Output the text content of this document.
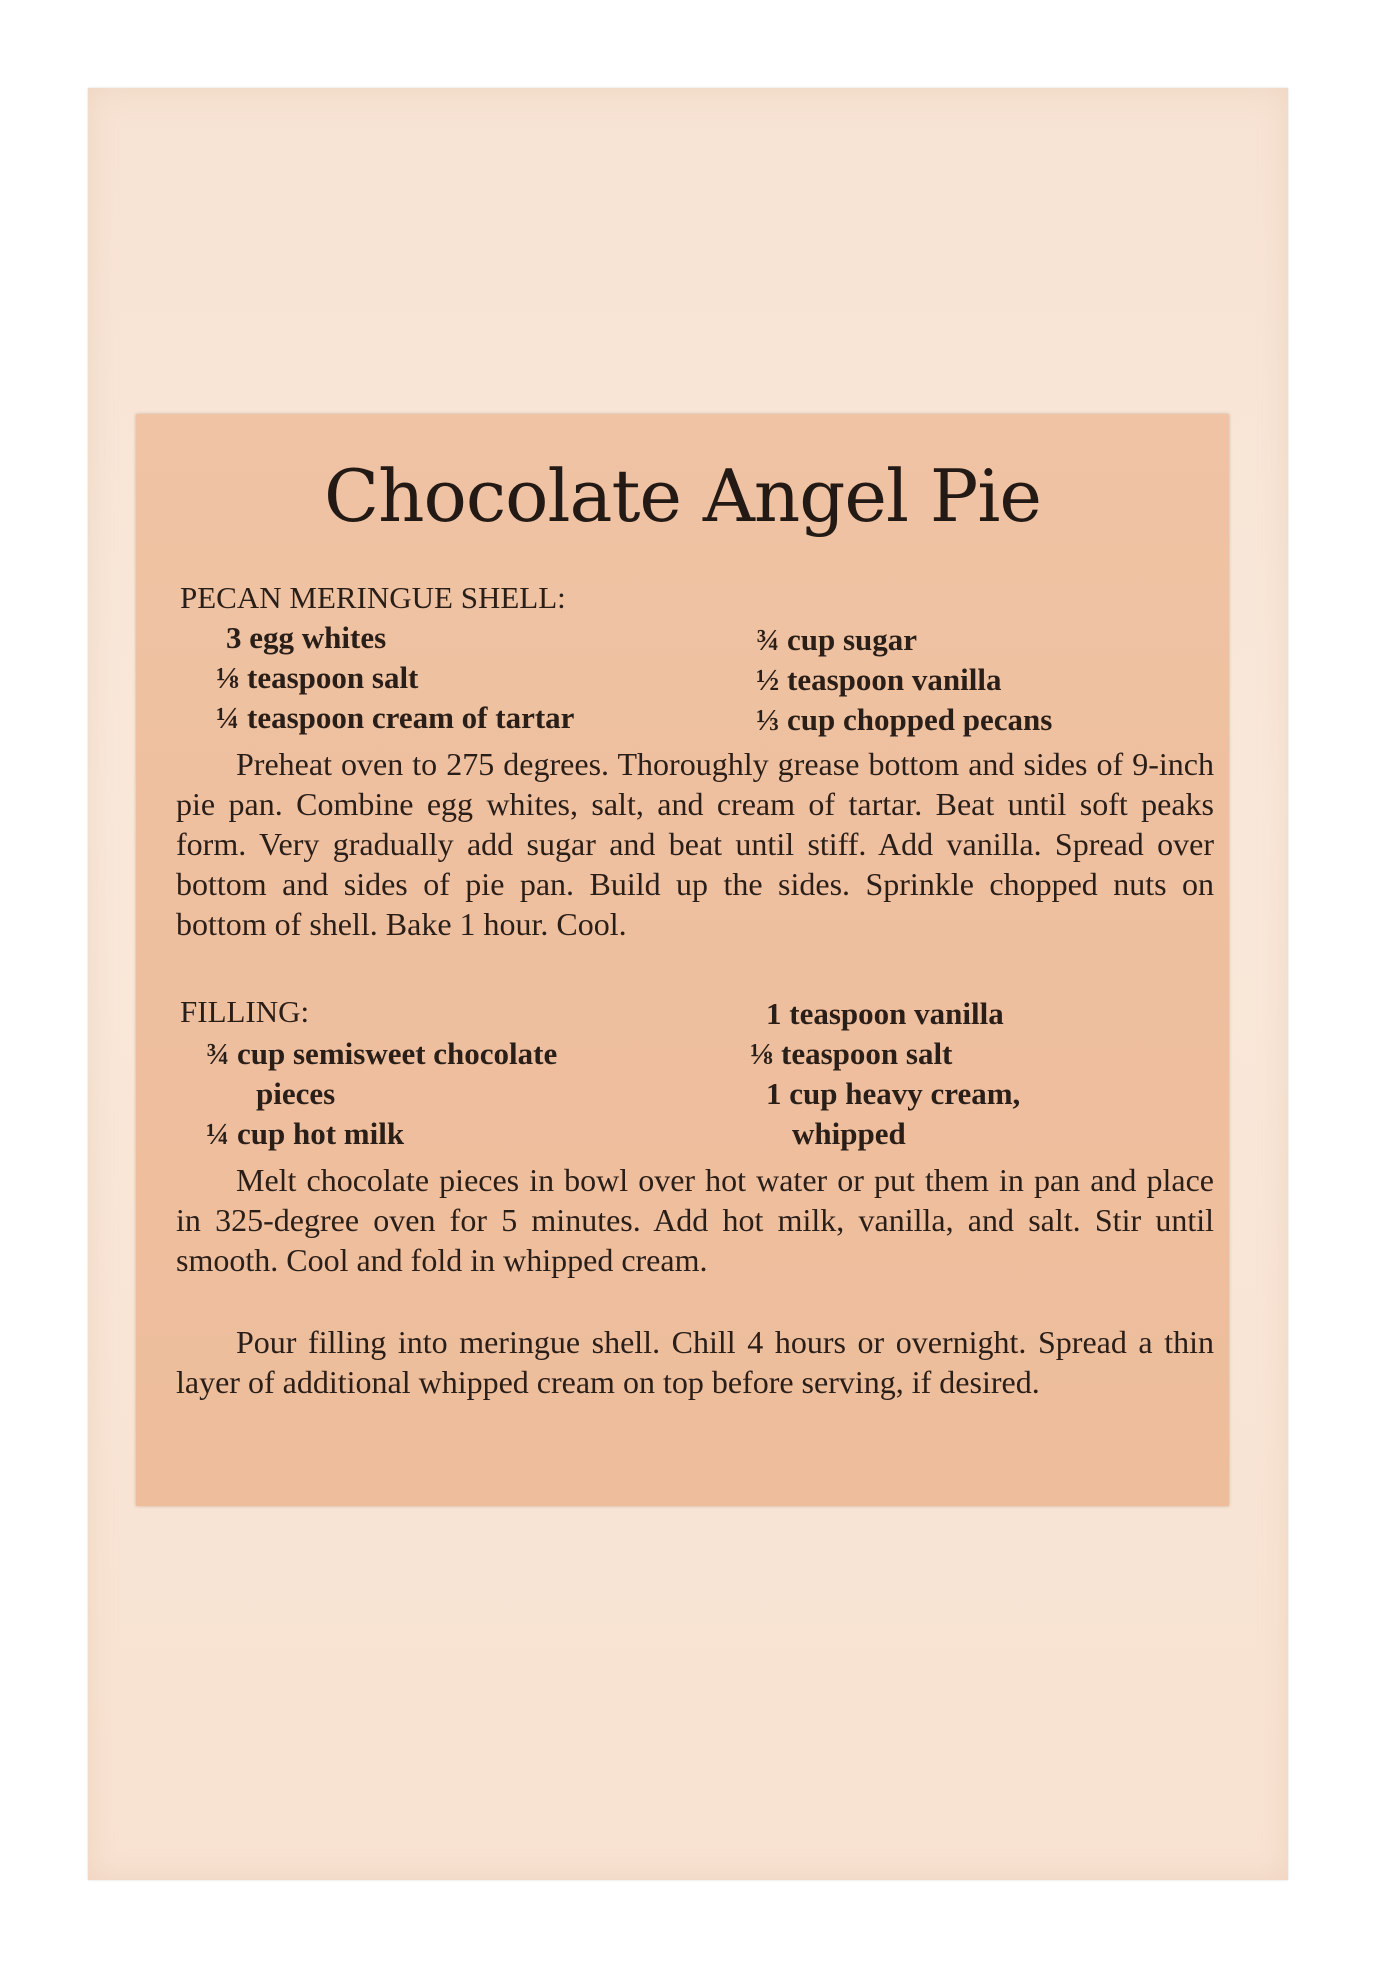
Chocolate Angel Pie
PECAN MERINGUE SHELL:
3 egg whites
⅛ teaspoon salt
¼ teaspoon cream of tartar
¾ cup sugar
½ teaspoon vanilla
⅓ cup chopped pecans
Preheat oven to 275 degrees. Thoroughly grease bottom and sides of 9-inch pie pan. Combine egg whites, salt, and cream of tartar. Beat until soft peaks form. Very gradually add sugar and beat until stiff. Add vanilla. Spread over bottom and sides of pie pan. Build up the sides. Sprinkle chopped nuts on bottom of shell. Bake 1 hour. Cool.
FILLING:
¾ cup semisweet chocolate
pieces
¼ cup hot milk
1 teaspoon vanilla
⅛ teaspoon salt
1 cup heavy cream,
whipped
Melt chocolate pieces in bowl over hot water or put them in pan and place in 325-degree oven for 5 minutes. Add hot milk, vanilla, and salt. Stir until smooth. Cool and fold in whipped cream.
Pour filling into meringue shell. Chill 4 hours or overnight. Spread a thin layer of additional whipped cream on top before serving, if desired.
